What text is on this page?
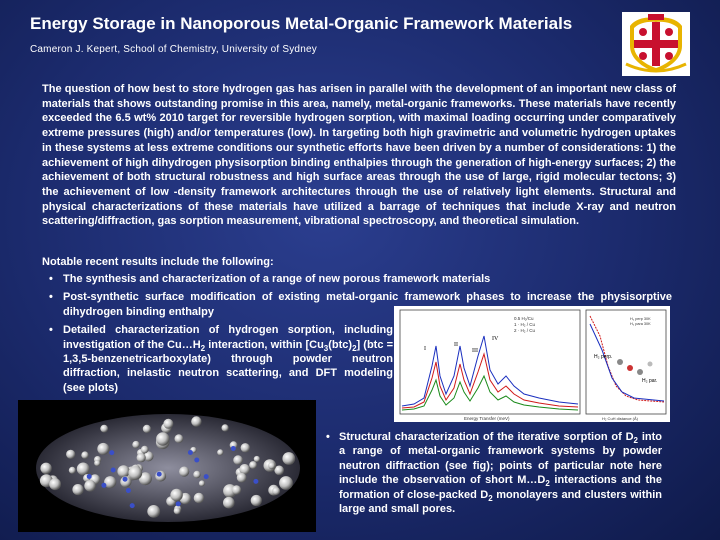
Energy Storage in Nanoporous Metal-Organic Framework Materials
Cameron J. Kepert, School of Chemistry, University of Sydney

The question of how best to store hydrogen gas has arisen in parallel with the development of an important new class of materials that shows outstanding promise in this area, namely, metal-organic frameworks. These materials have recently exceeded the 6.5 wt% 2010 target for reversible hydrogen sorption, with maximal loading occurring under comparatively extreme pressures (high) and/or temperatures (low). In targeting both high gravimetric and volumetric hydrogen uptakes in these systems at less extreme conditions our synthetic efforts have been driven by a number of considerations: 1) the achievement of high dihydrogen physisorption binding enthalpies through the generation of high-energy surfaces; 2) the achievement of both structural robustness and high surface areas through the use of large, rigid molecular tectons; 3) the achievement of low -density framework architectures through the use of relatively light elements. Structural and physical characterizations of these materials have utilized a barrage of techniques that include X-ray and neutron scattering/diffraction, gas sorption measurement, vibrational spectroscopy, and theoretical simulation.

Notable recent results include the following:

• The synthesis and characterization of a range of new porous framework materials
• Post-synthetic surface modification of existing metal-organic framework phases to increase the physisorptive dihydrogen binding enthalpy
• Detailed characterization of hydrogen sorption, including investigation of the $Cu\dots H_2$ interaction, within $[Cu_3(btc)_2] (btc$ = 1,3,5-benzenetricarboxylate) through powder neutron diffraction, inelastic neutron scattering, and DFT modeling (see plots)
I
II
III
IV
0.5 H₂/Cu
1 · H₂ / Cu
2 · H₂ / Cu
Energy Transfer (meV)
H₂ perp.
H₂ par.
H₂ perp 30K
H₂ para 30K
H₂ CuH distance (Å)
• Structural characterization of the iterative sorption of $D_2$ into a range of metal-organic framework systems by powder neutron diffraction (see fig); points of particular note here include the observation of short $M\dots D_2$ interactions and the formation of close-packed $D_2$ monolayers and clusters within large and small pores.
